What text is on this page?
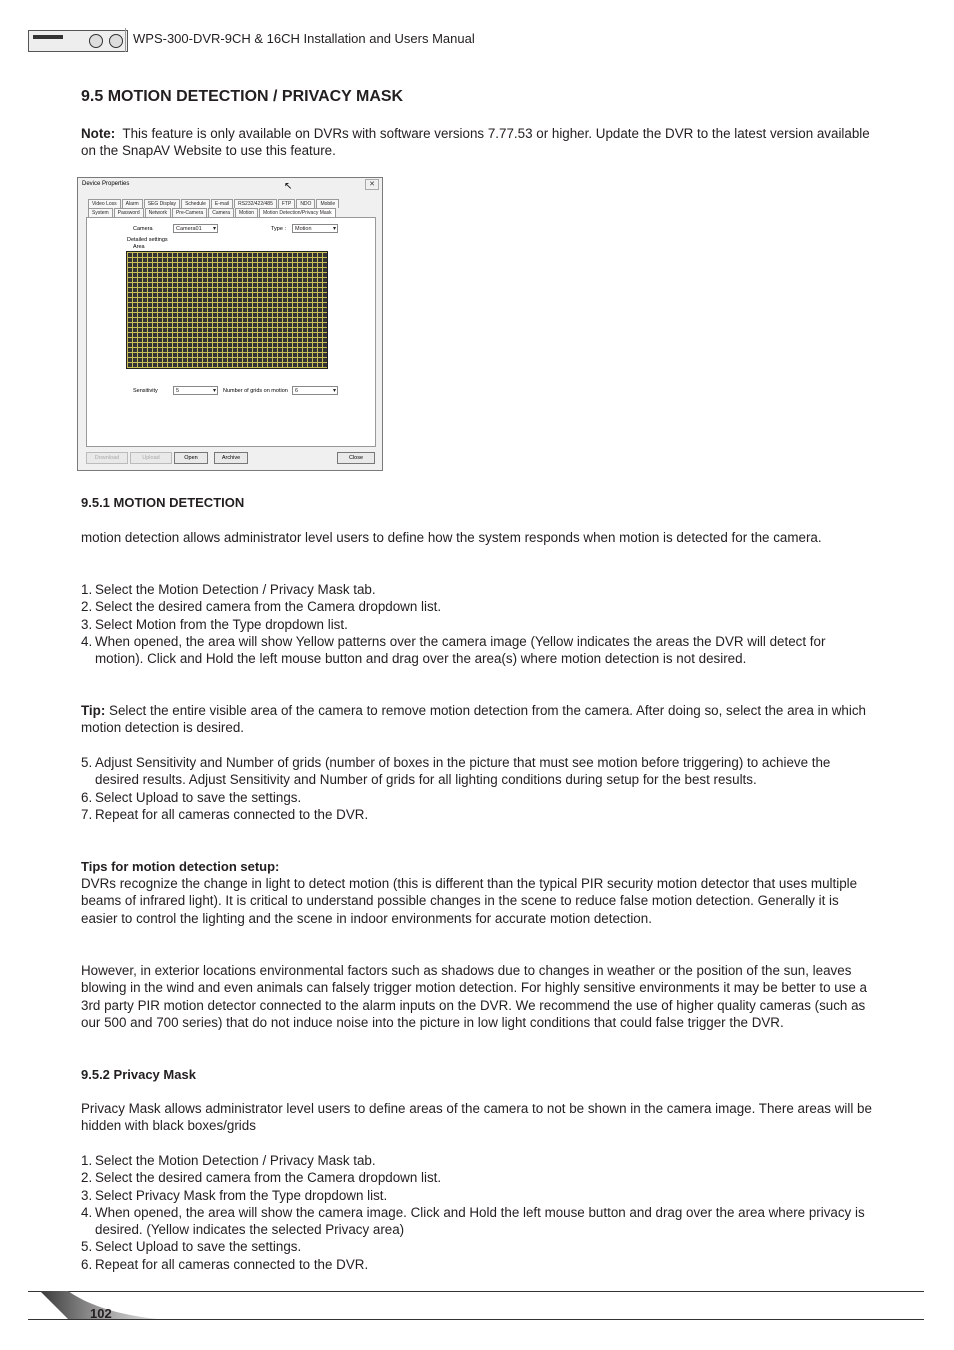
WPS-300-DVR-9CH & 16CH Installation and Users Manual
9.5 MOTION DETECTION / PRIVACY MASK

Note: This feature is only available on DVRs with software versions 7.77.53 or higher. Update the DVR to the latest version available on the SnapAV Website to use this feature.

Device Properties	↖	✕
Video Loss	Alarm	SEG Display	Schedule	E-mail	RS232/422/485	FTP	NDO	Mobile
System	Password	Network	Pre-Camera	Camera	Motion	Motion Detection/Privacy Mask
Camera	Camera01 ▾	Type :	Motion ▾
Detailed settings
Area
Sensitivity	5 ▾	Number of grids on motion	6 ▾
Download	Upload	Open	Archive	Close
9.5.1 MOTION DETECTION
motion detection allows administrator level users to define how the system responds when motion is detected for the camera.
1. Select the Motion Detection / Privacy Mask tab.
2. Select the desired camera from the Camera dropdown list.
3. Select Motion from the Type dropdown list.
4. When opened, the area will show Yellow patterns over the camera image (Yellow indicates the areas the DVR will detect for motion). Click and Hold the left mouse button and drag over the area(s) where motion detection is not desired.

Tip: Select the entire visible area of the camera to remove motion detection from the camera. After doing so, select the area in which motion detection is desired.

5. Adjust Sensitivity and Number of grids (number of boxes in the picture that must see motion before triggering) to achieve the desired results. Adjust Sensitivity and Number of grids for all lighting conditions during setup for the best results.
6. Select Upload to save the settings.
7. Repeat for all cameras connected to the DVR.
Tips for motion detection setup:
DVRs recognize the change in light to detect motion (this is different than the typical PIR security motion detector that uses multiple beams of infrared light). It is critical to understand possible changes in the scene to reduce false motion detection. Generally it is easier to control the lighting and the scene in indoor environments for accurate motion detection.
However, in exterior locations environmental factors such as shadows due to changes in weather or the position of the sun, leaves blowing in the wind and even animals can falsely trigger motion detection. For highly sensitive environments it may be better to use a 3rd party PIR motion detector connected to the alarm inputs on the DVR. We recommend the use of higher quality cameras (such as our 500 and 700 series) that do not induce noise into the picture in low light conditions that could false trigger the DVR.
9.5.2 Privacy Mask
Privacy Mask allows administrator level users to define areas of the camera to not be shown in the camera image. There areas will be hidden with black boxes/grids
1. Select the Motion Detection / Privacy Mask tab.
2. Select the desired camera from the Camera dropdown list.
3. Select Privacy Mask from the Type dropdown list.
4. When opened, the area will show the camera image. Click and Hold the left mouse button and drag over the area where privacy is desired. (Yellow indicates the selected Privacy area)
5. Select Upload to save the settings.
6. Repeat for all cameras connected to the DVR.
102
